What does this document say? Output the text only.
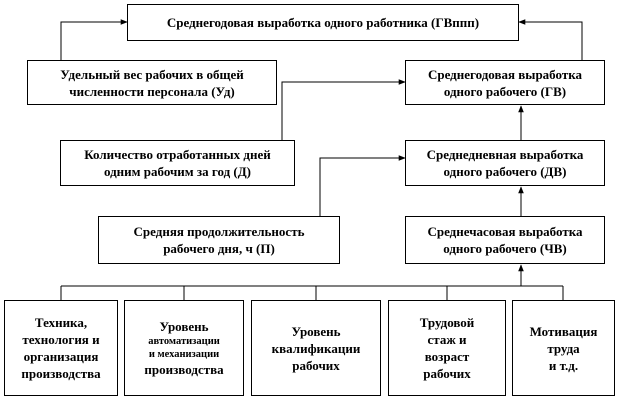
Среднегодовая выработка одного работника (ГВппп)
Удельный вес рабочих в общей
численности персонала (Уд)
Среднегодовая выработка
одного рабочего (ГВ)
Количество отработанных дней
одним рабочим за год (Д)
Среднедневная выработка
одного рабочего (ДВ)
Средняя продолжительность
рабочего дня, ч (П)
Среднечасовая выработка
одного рабочего (ЧВ)
Техника,
технология и
организация
производства
Уровень
автоматизации
и механизации
производства
Уровень
квалификации
рабочих
Трудовой
стаж и
возраст
рабочих
Мотивация
труда
и т.д.
